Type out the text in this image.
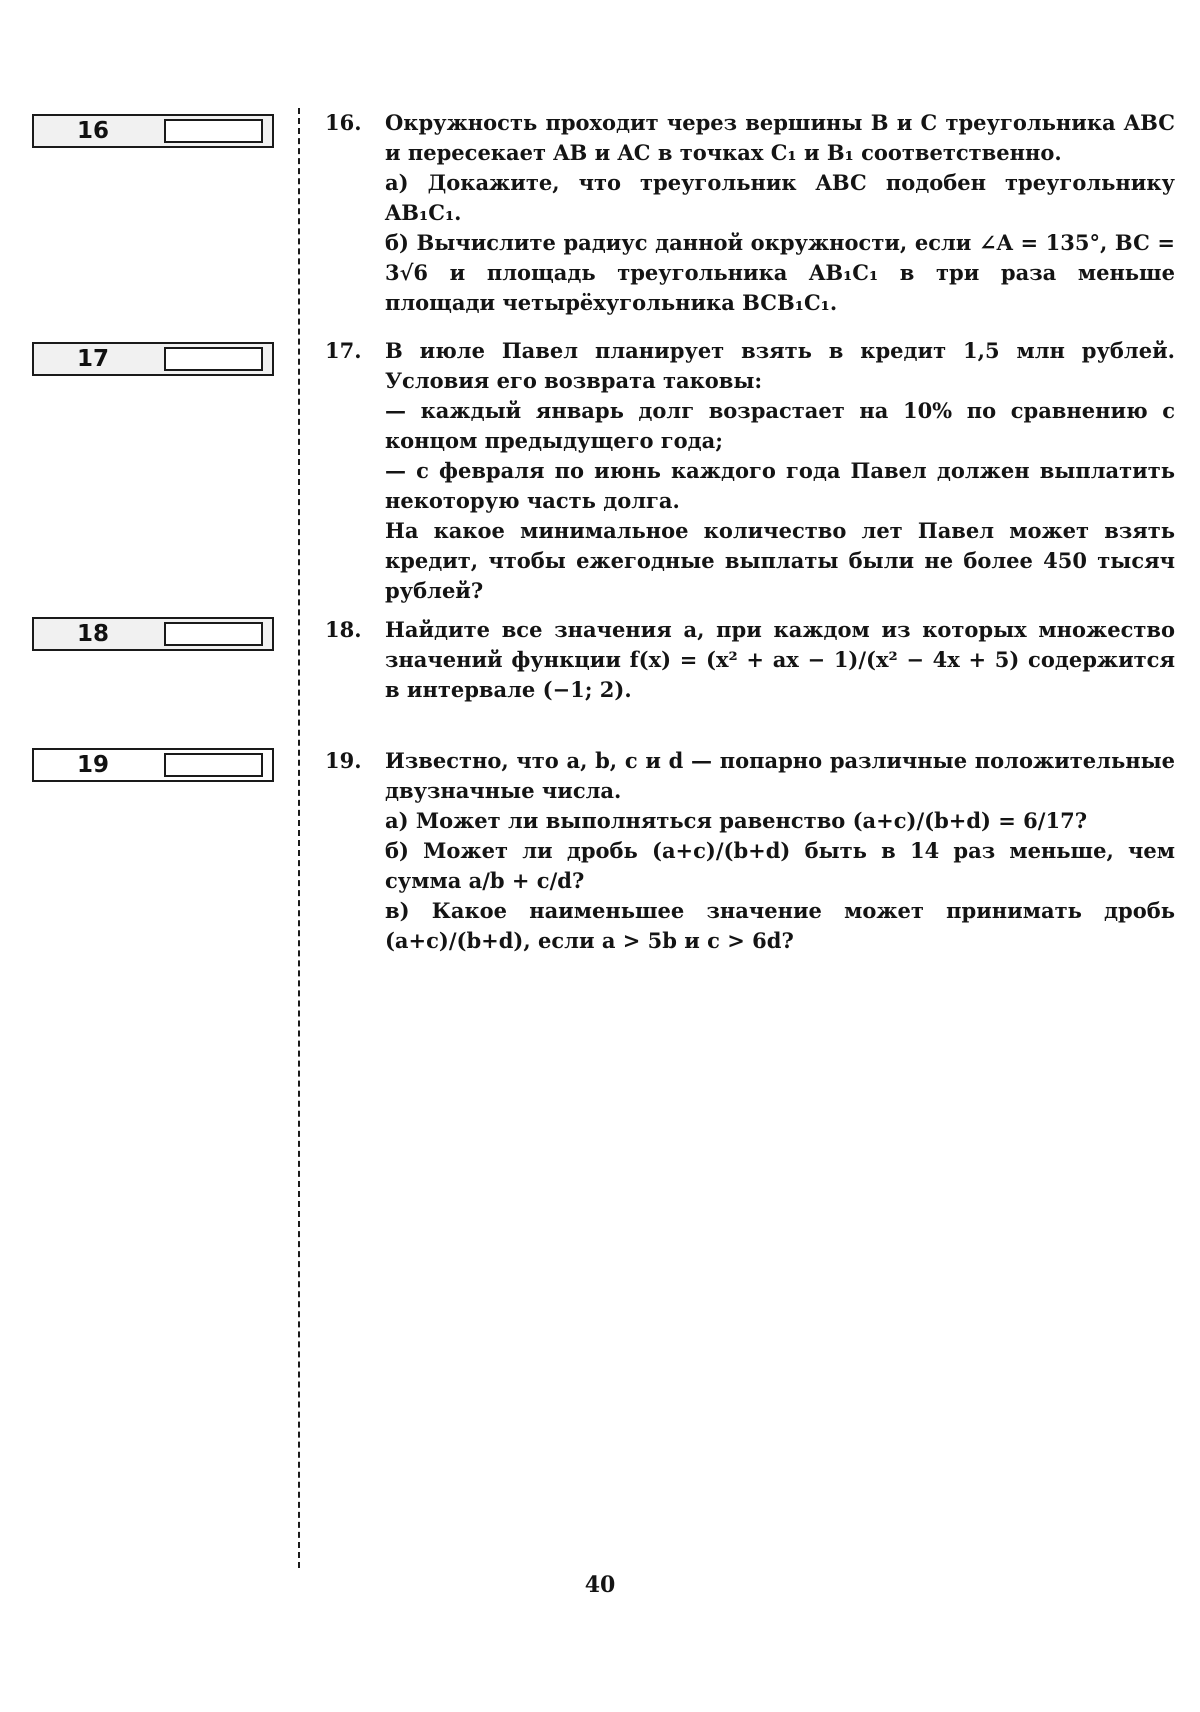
16
17
18
19
16.	Окружность проходит через вершины B и C треугольника ABC и пересекает AB и AC в точках C₁ и B₁ соответственно.

а) Докажите, что треугольник ABC подобен треугольнику AB₁C₁.

б) Вычислите радиус данной окружности, если ∠A = 135°, BC = 3√6 и площадь треугольника AB₁C₁ в три раза меньше площади четырёхугольника BCB₁C₁.

17.	В июле Павел планирует взять в кредит 1,5 млн рублей. Условия его возврата таковы:

— каждый январь долг возрастает на 10% по сравнению с концом предыдущего года;

— с февраля по июнь каждого года Павел должен выплатить некоторую часть долга.

На какое минимальное количество лет Павел может взять кредит, чтобы ежегодные выплаты были не более 450 тысяч рублей?

18.	Найдите все значения a, при каждом из которых множество значений функции f(x) = (x² + ax − 1)/(x² − 4x + 5) содержится в интервале (−1; 2).

19.	Известно, что a, b, c и d — попарно различные положительные двузначные числа.

а) Может ли выполняться равенство (a+c)/(b+d) = 6/17?

б) Может ли дробь (a+c)/(b+d) быть в 14 раз меньше, чем сумма a/b + c/d?

в) Какое наименьшее значение может принимать дробь (a+c)/(b+d), если a > 5b и c > 6d?

40
